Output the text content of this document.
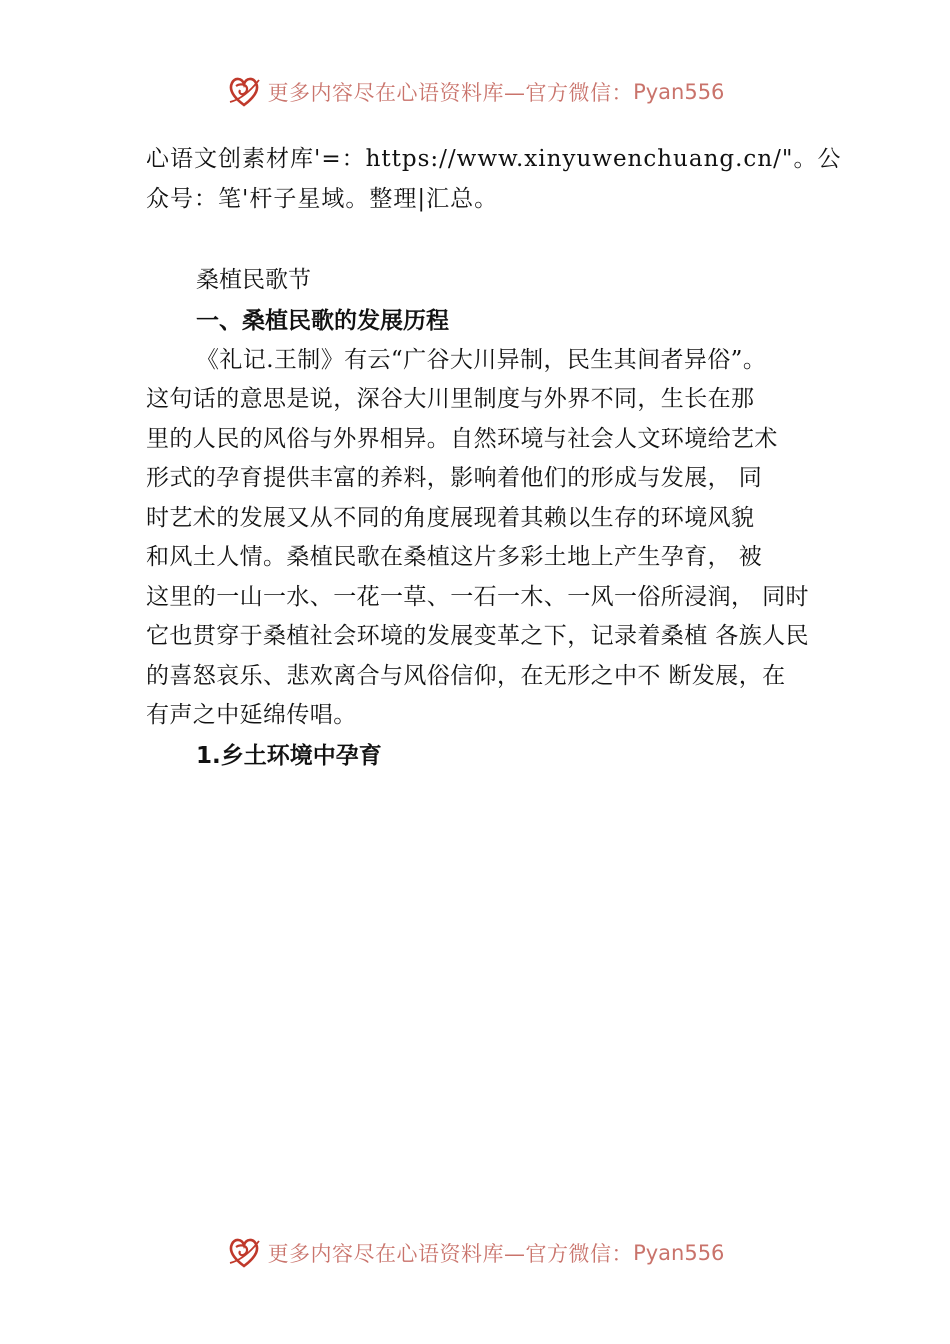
更多内容尽在心语资料库—官方微信： Pyan556
心语文创素材库'=：https://www.xinyuwenchuang.cn/"。公
众号：笔'杆子星域。整理|汇总。
桑植民歌节
一、桑植民歌的发展历程
《礼记.王制》有云“广谷大川异制，民生其间者异俗”。
这句话的意思是说，深谷大川里制度与外界不同，生长在那
里的人民的风俗与外界相异。自然环境与社会人文环境给艺术
形式的孕育提供丰富的养料，影响着他们的形成与发展， 同
时艺术的发展又从不同的角度展现着其赖以生存的环境风貌
和风土人情。桑植民歌在桑植这片多彩土地上产生孕育， 被
这里的一山一水、一花一草、一石一木、一风一俗所浸润， 同时
它也贯穿于桑植社会环境的发展变革之下，记录着桑植 各族人民
的喜怒哀乐、悲欢离合与风俗信仰，在无形之中不 断发展，在
有声之中延绵传唱。
1.乡土环境中孕育
更多内容尽在心语资料库—官方微信： Pyan556
